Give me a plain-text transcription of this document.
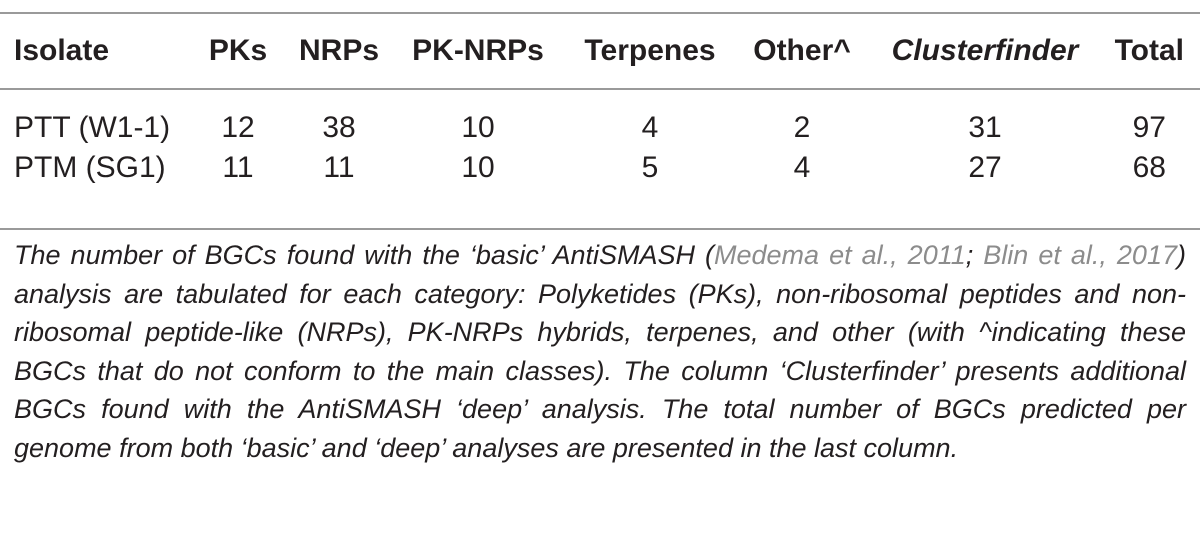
Isolate	PKs	NRPs	PK-NRPs	Terpenes	Other^	Clusterfinder	Total
PTT (W1-1)	12	38	10	4	2	31	97
PTM (SG1)	11	11	10	5	4	27	68

The number of BGCs found with the ‘basic’ AntiSMASH (Medema et al., 2011; Blin et al., 2017) analysis are tabulated for each category: Polyketides (PKs), non-ribosomal peptides and non-ribosomal peptide-like (NRPs), PK-NRPs hybrids, terpenes, and other (with ^indicating these BGCs that do not conform to the main classes). The column ‘Clusterfinder’ presents additional BGCs found with the AntiSMASH ‘deep’ analysis. The total number of BGCs predicted per genome from both ‘basic’ and ‘deep’ analyses are presented in the last column.
